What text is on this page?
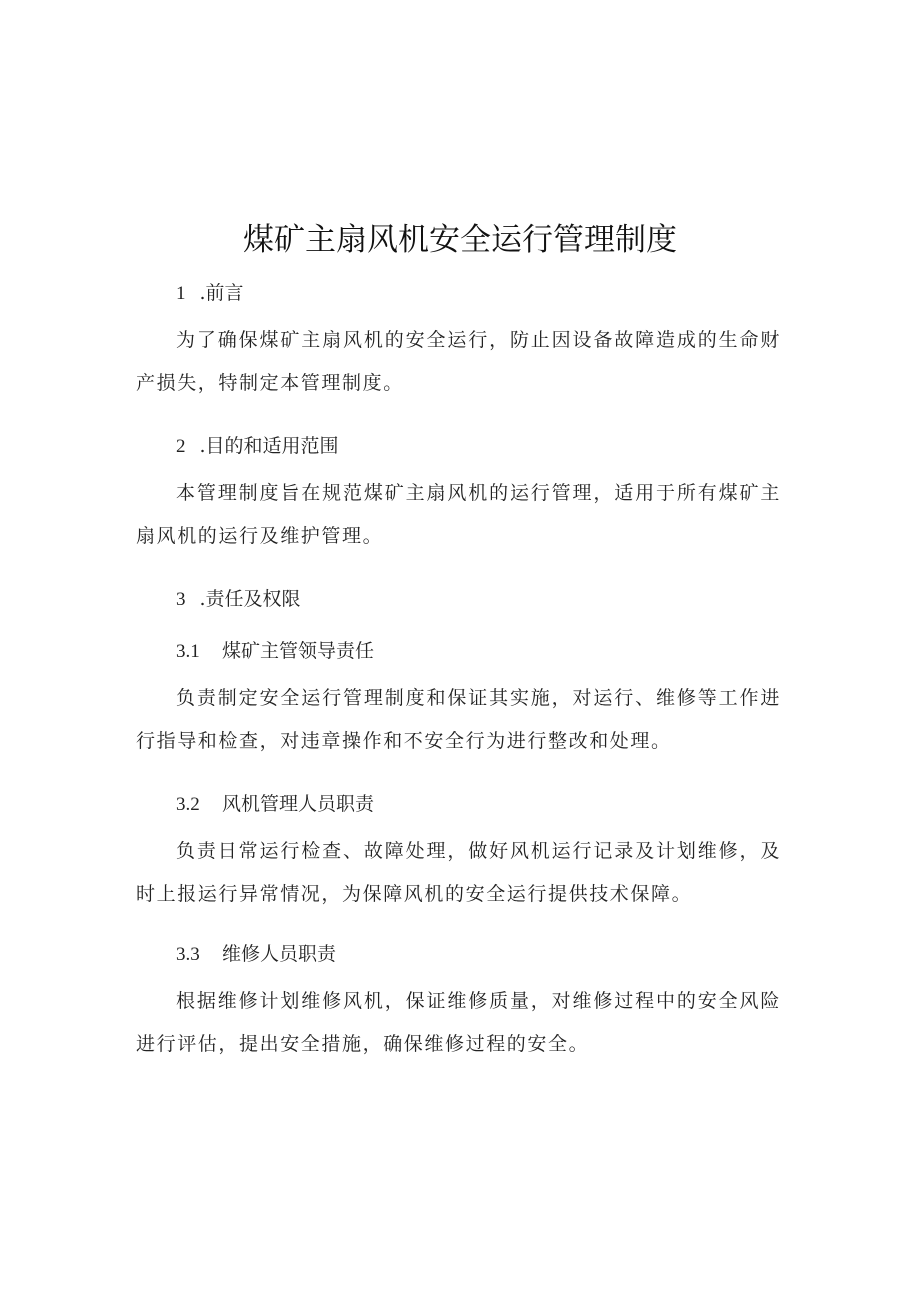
煤矿主扇风机安全运行管理制度
1 .前言
为了确保煤矿主扇风机的安全运行，防止因设备故障造成的生命财产损失，特制定本管理制度。
2 .目的和适用范围
本管理制度旨在规范煤矿主扇风机的运行管理，适用于所有煤矿主扇风机的运行及维护管理。
3 .责任及权限
3.1 煤矿主管领导责任
负责制定安全运行管理制度和保证其实施，对运行、维修等工作进行指导和检查，对违章操作和不安全行为进行整改和处理。
3.2 风机管理人员职责
负责日常运行检查、故障处理，做好风机运行记录及计划维修，及时上报运行异常情况，为保障风机的安全运行提供技术保障。
3.3 维修人员职责
根据维修计划维修风机，保证维修质量，对维修过程中的安全风险进行评估，提出安全措施，确保维修过程的安全。
